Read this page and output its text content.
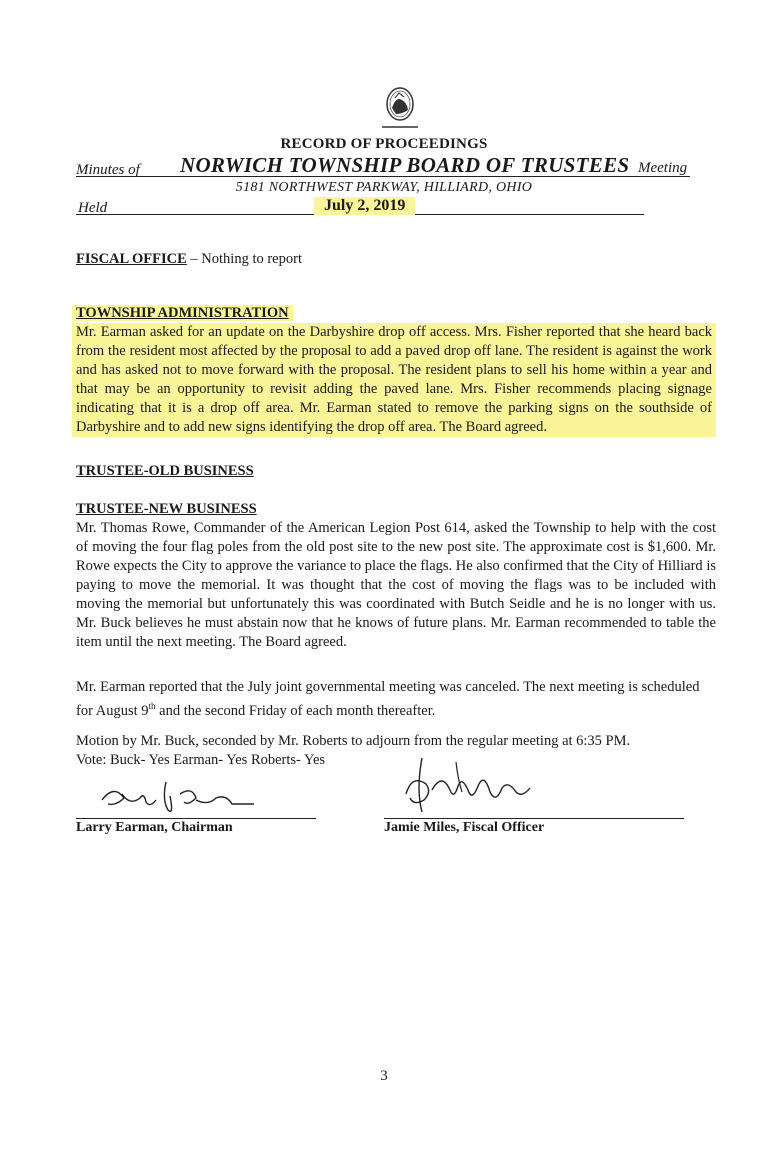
RECORD OF PROCEEDINGS
Minutes of NORWICH TOWNSHIP BOARD OF TRUSTEES Meeting
5181 NORTHWEST PARKWAY, HILLIARD, OHIO
Held	July 2, 2019
FISCAL OFFICE – Nothing to report
TOWNSHIP ADMINISTRATION
Mr. Earman asked for an update on the Darbyshire drop off access. Mrs. Fisher reported that she heard back from the resident most affected by the proposal to add a paved drop off lane. The resident is against the work and has asked not to move forward with the proposal. The resident plans to sell his home within a year and that may be an opportunity to revisit adding the paved lane. Mrs. Fisher recommends placing signage indicating that it is a drop off area. Mr. Earman stated to remove the parking signs on the southside of Darbyshire and to add new signs identifying the drop off area. The Board agreed.
TRUSTEE-OLD BUSINESS
TRUSTEE-NEW BUSINESS
Mr. Thomas Rowe, Commander of the American Legion Post 614, asked the Township to help with the cost of moving the four flag poles from the old post site to the new post site. The approximate cost is $1,600. Mr. Rowe expects the City to approve the variance to place the flags. He also confirmed that the City of Hilliard is paying to move the memorial. It was thought that the cost of moving the flags was to be included with moving the memorial but unfortunately this was coordinated with Butch Seidle and he is no longer with us. Mr. Buck believes he must abstain now that he knows of future plans. Mr. Earman recommended to table the item until the next meeting. The Board agreed.
Mr. Earman reported that the July joint governmental meeting was canceled. The next meeting is scheduled for August 9th and the second Friday of each month thereafter.
Motion by Mr. Buck, seconded by Mr. Roberts to adjourn from the regular meeting at 6:35 PM.
Vote: Buck- Yes Earman- Yes Roberts- Yes
Larry Earman, Chairman	Jamie Miles, Fiscal Officer
3
